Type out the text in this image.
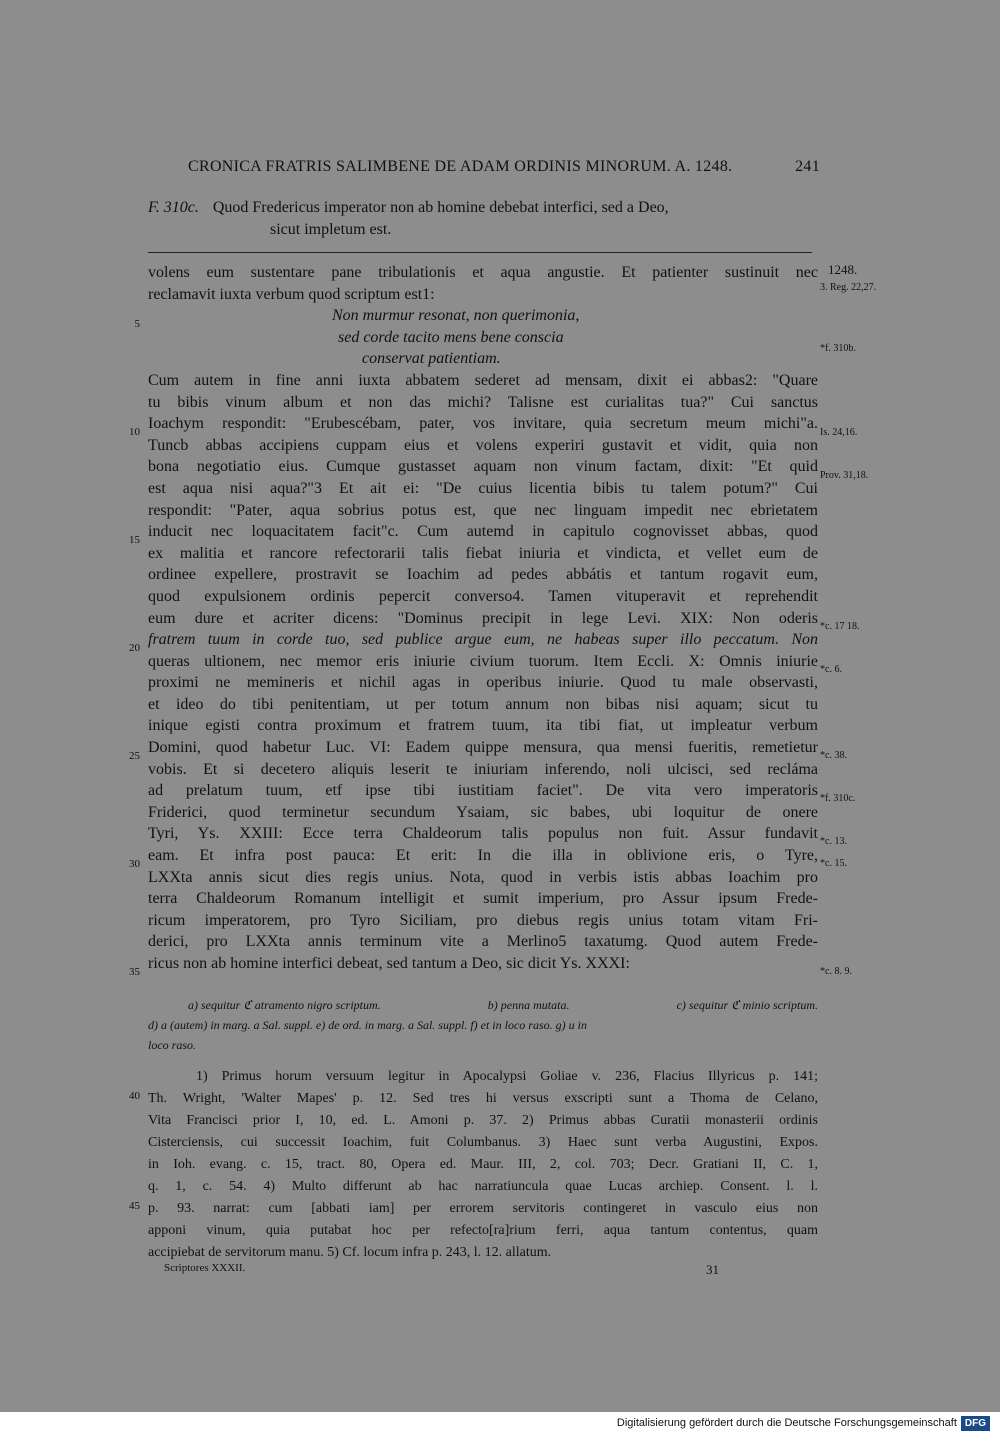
CRONICA FRATRIS SALIMBENE DE ADAM ORDINIS MINORUM. A. 1248.	241
F. 310c. Quod Fredericus imperator non ab homine debebat interfici, sed a Deo,
sicut impletum est.
1248.
volens eum sustentare pane tribulationis et aqua angustie. Et patienter sustinuit nec
reclamavit iuxta verbum quod scriptum est1:
Non murmur resonat, non querimonia,
sed corde tacito mens bene conscia
conservat patientiam.
Cum autem in fine anni iuxta abbatem sederet ad mensam, dixit ei abbas2: "Quare
tu bibis vinum album et non das michi? Talisne est curialitas tua?" Cui sanctus
Ioachym respondit: "Erubescébam, pater, vos invitare, quia secretum meum michi"a.
Tuncb abbas accipiens cuppam eius et volens experiri gustavit et vidit, quia non
bona negotiatio eius. Cumque gustasset aquam non vinum factam, dixit: "Et quid
est aqua nisi aqua?"3 Et ait ei: "De cuius licentia bibis tu talem potum?" Cui
respondit: "Pater, aqua sobrius potus est, que nec linguam impedit nec ebrietatem
inducit nec loquacitatem facit"c. Cum autemd in capitulo cognovisset abbas, quod
ex malitia et rancore refectorarii talis fiebat iniuria et vindicta, et vellet eum de
ordinee expellere, prostravit se Ioachim ad pedes abbátis et tantum rogavit eum,
quod expulsionem ordinis pepercit converso4. Tamen vituperavit et reprehendit
eum dure et acriter dicens: "Dominus precipit in lege Levi. XIX: Non oderis
fratrem tuum in corde tuo, sed publice argue eum, ne habeas super illo peccatum. Non
queras ultionem, nec memor eris iniurie civium tuorum. Item Eccli. X: Omnis iniurie
proximi ne memineris et nichil agas in operibus iniurie. Quod tu male observasti,
et ideo do tibi penitentiam, ut per totum annum non bibas nisi aquam; sicut tu
inique egisti contra proximum et fratrem tuum, ita tibi fiat, ut impleatur verbum
Domini, quod habetur Luc. VI: Eadem quippe mensura, qua mensi fueritis, remetietur
vobis. Et si decetero aliquis leserit te iniuriam inferendo, noli ulcisci, sed recláma
ad prelatum tuum, etf ipse tibi iustitiam faciet". De vita vero imperatoris
Friderici, quod terminetur secundum Ysaiam, sic babes, ubi loquitur de onere
Tyri, Ys. XXIII: Ecce terra Chaldeorum talis populus non fuit. Assur fundavit
eam. Et infra post pauca: Et erit: In die illa in oblivione eris, o Tyre,
LXXta annis sicut dies regis unius. Nota, quod in verbis istis abbas Ioachim pro
terra Chaldeorum Romanum intelligit et sumit imperium, pro Assur ipsum Frede-
ricum imperatorem, pro Tyro Siciliam, pro diebus regis unius totam vitam Fri-
derici, pro LXXta annis terminum vite a Merlino5 taxatumg. Quod autem Frede-
ricus non ab homine interfici debeat, sed tantum a Deo, sic dicit Ys. XXXI:
5
10
15
20
25
30
35
3. Reg. 22,27.
*f. 310b.
Is. 24,16.
Prov. 31,18.
*c. 17 18.
*c. 6.
*c. 38.
*f. 310c.
*c. 13.
*c. 15.
*c. 8. 9.
a) sequitur ℭ atramento nigro scriptum.	b) penna mutata.	c) sequitur ℭ minio scriptum.
d) a (autem) in marg. a Sal. suppl. e) de ord. in marg. a Sal. suppl. f) et in loco raso. g) u in
loco raso.
1) Primus horum versuum legitur in Apocalypsi Goliae v. 236, Flacius Illyricus p. 141;
Th. Wright, 'Walter Mapes' p. 12. Sed tres hi versus exscripti sunt a Thoma de Celano,
Vita Francisci prior I, 10, ed. L. Amoni p. 37. 2) Primus abbas Curatii monasterii ordinis
Cisterciensis, cui successit Ioachim, fuit Columbanus. 3) Haec sunt verba Augustini, Expos.
in Ioh. evang. c. 15, tract. 80, Opera ed. Maur. III, 2, col. 703; Decr. Gratiani II, C. 1,
q. 1, c. 54. 4) Multo differunt ab hac narratiuncula quae Lucas archiep. Consent. l. l.
p. 93. narrat: cum [abbati iam] per errorem servitoris contingeret in vasculo eius non
apponi vinum, quia putabat hoc per refecto[ra]rium ferri, aqua tantum contentus, quam
accipiebat de servitorum manu. 5) Cf. locum infra p. 243, l. 12. allatum.
40
45
Scriptores XXXII.	31
Digitalisierung gefördert durch die Deutsche Forschungsgemeinschaft DFG
